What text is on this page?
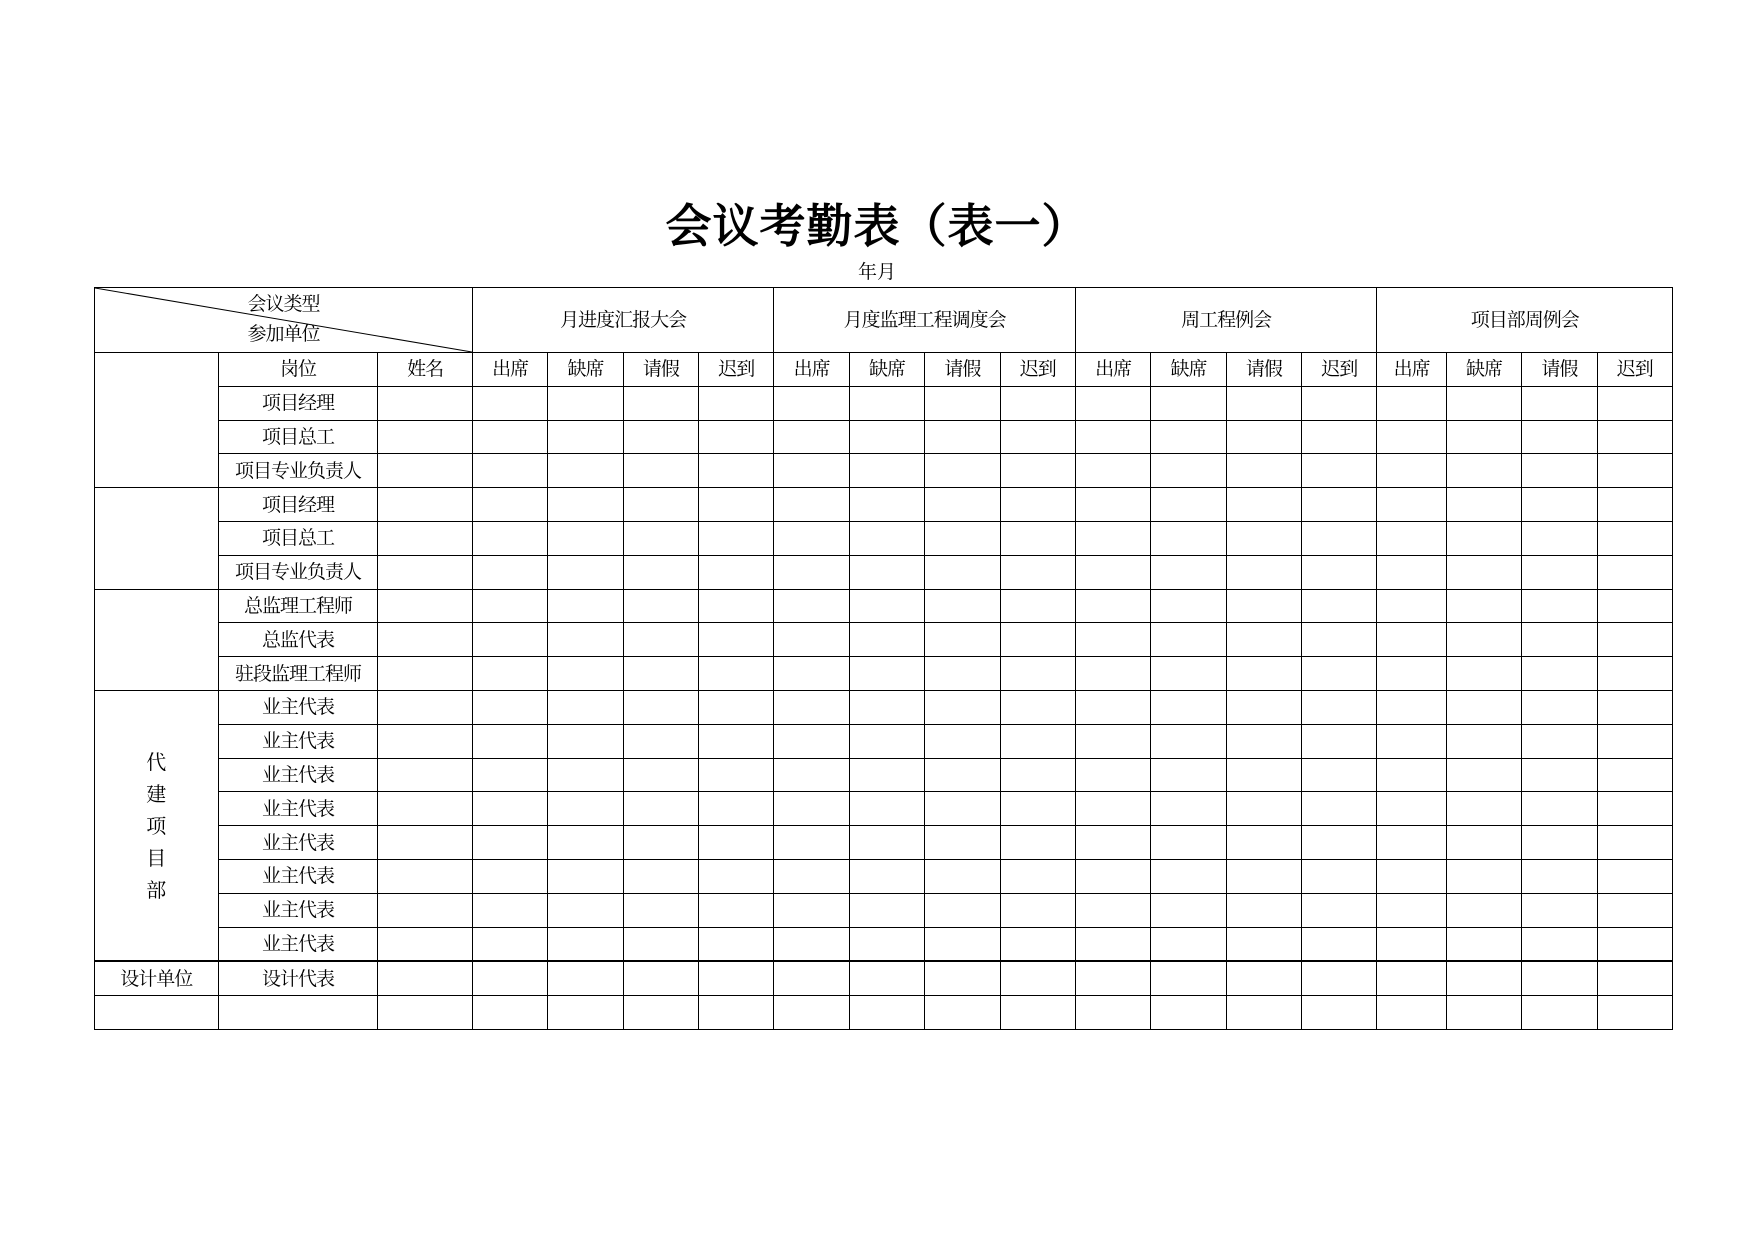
会议考勤表（表一）
年月
会议类型
参加单位			月进度汇报大会				月度监理工程调度会				周工程例会				项目部周例会			
	岗位	姓名	出席	缺席	请假	迟到	出席	缺席	请假	迟到	出席	缺席	请假	迟到	出席	缺席	请假	迟到
	项目经理																	
	项目总工																	
	项目专业负责人																	
	项目经理																	
	项目总工																	
	项目专业负责人																	
	总监理工程师																	
	总监代表																	
	驻段监理工程师																	
代建项目部	业主代表																	
	业主代表																	
	业主代表																	
	业主代表																	
	业主代表																	
	业主代表																	
	业主代表																	
	业主代表																	
设计单位	设计代表																	
